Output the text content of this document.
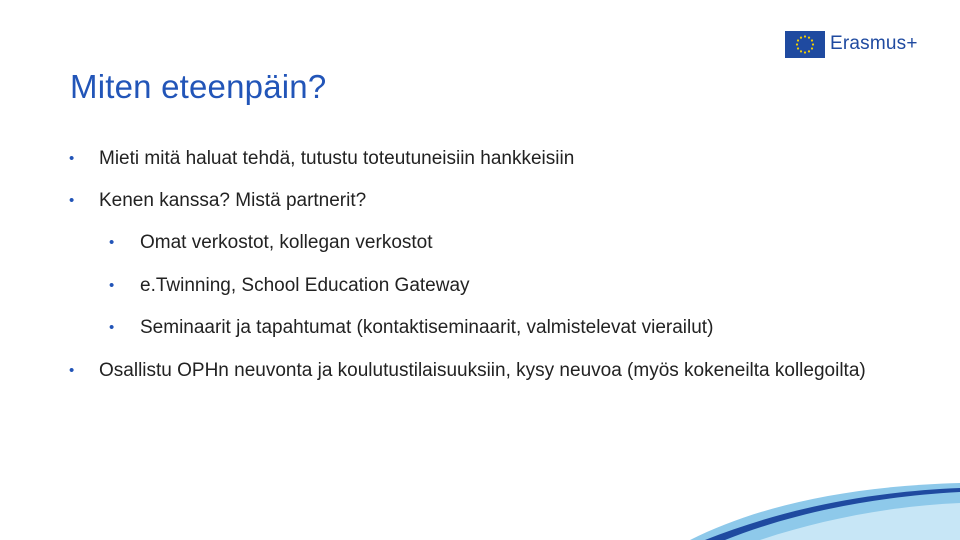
Erasmus+
Miten eteenpäin?
• Mieti mitä haluat tehdä, tutustu toteutuneisiin hankkeisiin
• Kenen kanssa? Mistä partnerit?
• Omat verkostot, kollegan verkostot
• e.Twinning, School Education Gateway
• Seminaarit ja tapahtumat (kontaktiseminaarit, valmistelevat vierailut)
• Osallistu OPHn neuvonta ja koulutustilaisuuksiin, kysy neuvoa (myös kokeneilta kollegoilta)
